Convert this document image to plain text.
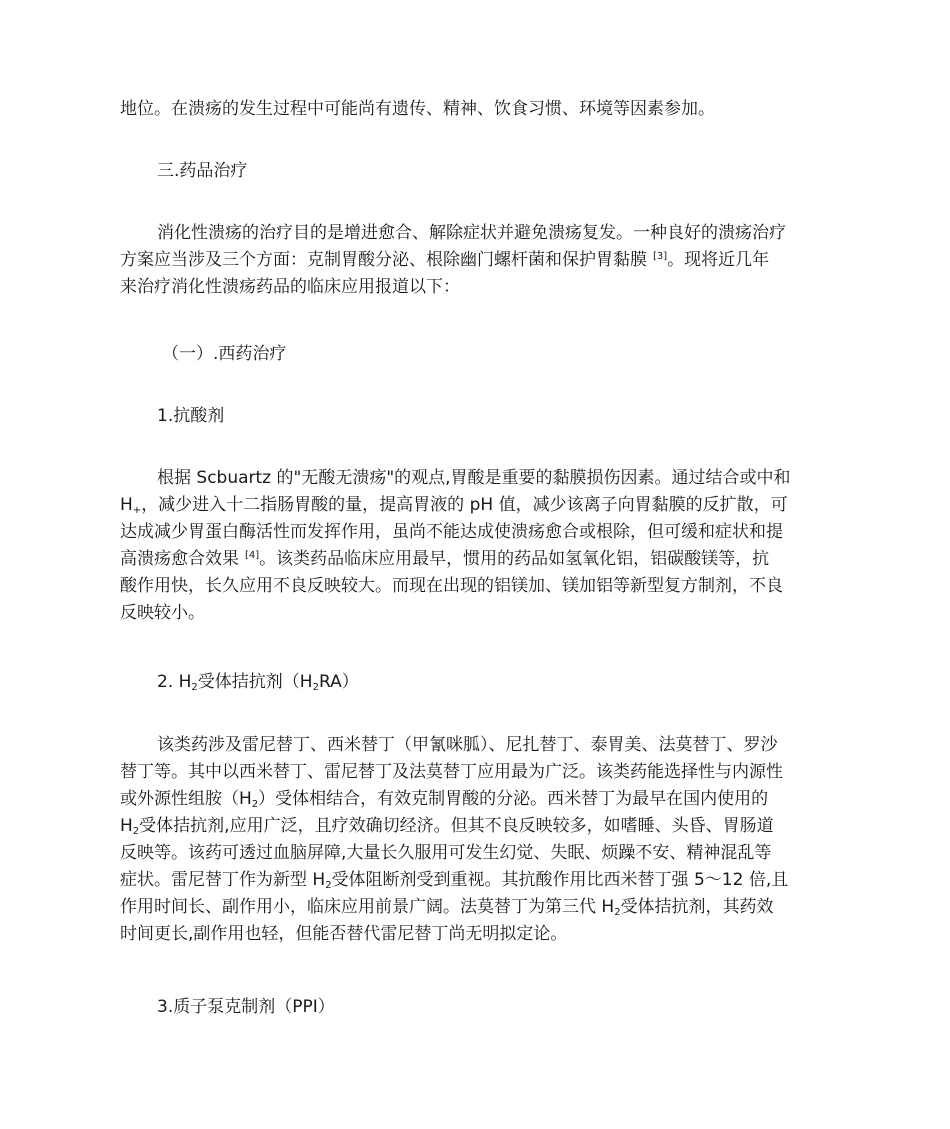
地位。在溃疡的发生过程中可能尚有遗传、精神、饮食习惯、环境等因素参加。

三.药品治疗

消化性溃疡的治疗目的是增进愈合、解除症状并避免溃疡复发。一种良好的溃疡治疗
方案应当涉及三个方面：克制胃酸分泌、根除幽门螺杆菌和保护胃黏膜 [3]。现将近几年
来治疗消化性溃疡药品的临床应用报道以下：

（一）.西药治疗

1.抗酸剂

根据 Scbuartz 的"无酸无溃疡"的观点,胃酸是重要的黏膜损伤因素。通过结合或中和
$H_+$，减少进入十二指肠胃酸的量，提高胃液的 pH 值，减少该离子向胃黏膜的反扩散，可
达成减少胃蛋白酶活性而发挥作用，虽尚不能达成使溃疡愈合或根除，但可缓和症状和提
高溃疡愈合效果 [4]。该类药品临床应用最早，惯用的药品如氢氧化铝，铝碳酸镁等，抗
酸作用快，长久应用不良反映较大。而现在出现的铝镁加、镁加铝等新型复方制剂，不良
反映较小。

2. $H_2$受体拮抗剂$(H_2RA)$

该类药涉及雷尼替丁、西米替丁（甲氰咪胍）、尼扎替丁、泰胃美、法莫替丁、罗沙
替丁等。其中以西米替丁、雷尼替丁及法莫替丁应用最为广泛。该类药能选择性与内源性
或外源性组胺$(H_2)$受体相结合，有效克制胃酸的分泌。西米替丁为最早在国内使用的
$H_2$受体拮抗剂,应用广泛，且疗效确切经济。但其不良反映较多，如嗜睡、头昏、胃肠道
反映等。该药可透过血脑屏障,大量长久服用可发生幻觉、失眠、烦躁不安、精神混乱等
症状。雷尼替丁作为新型 $H_2$受体阻断剂受到重视。其抗酸作用比西米替丁强 5～12 倍,且
作用时间长、副作用小，临床应用前景广阔。法莫替丁为第三代 $H_2$受体拮抗剂，其药效
时间更长,副作用也轻，但能否替代雷尼替丁尚无明拟定论。

3.质子泵克制剂（PPI）
